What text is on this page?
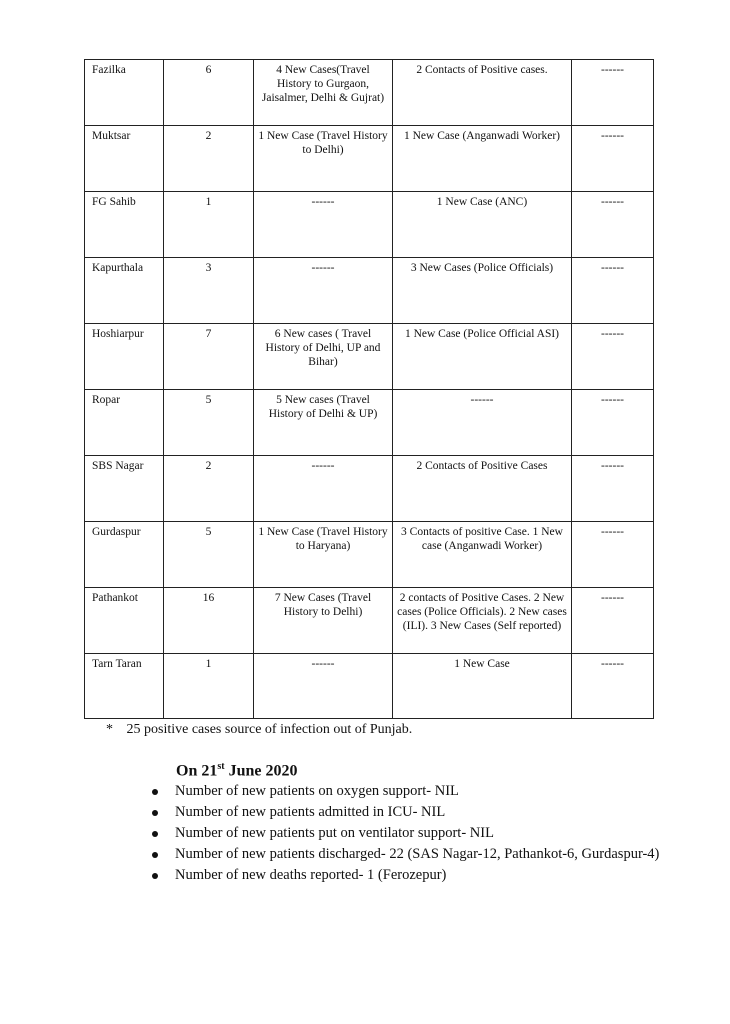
Fazilka	6	4 New Cases(Travel History to Gurgaon, Jaisalmer, Delhi & Gujrat)	2 Contacts of Positive cases.	------
Muktsar	2	1 New Case (Travel History to Delhi)	1 New Case (Anganwadi Worker)	------
FG Sahib	1	------	1 New Case (ANC)	------
Kapurthala	3	------	3 New Cases (Police Officials)	------
Hoshiarpur	7	6 New cases ( Travel History of Delhi, UP and Bihar)	1 New Case (Police Official ASI)	------
Ropar	5	5 New cases (Travel History of Delhi & UP)	------	------
SBS Nagar	2	------	2 Contacts of Positive Cases	------
Gurdaspur	5	1 New Case (Travel History to Haryana)	3 Contacts of positive Case. 1 New case (Anganwadi Worker)	------
Pathankot	16	7 New Cases (Travel History to Delhi)	2 contacts of Positive Cases. 2 New cases (Police Officials). 2 New cases (ILI). 3 New Cases (Self reported)	------
Tarn Taran	1	------	1 New Case	------
* 25 positive cases source of infection out of Punjab.
On 21st June 2020
Number of new patients on oxygen support- NIL
Number of new patients admitted in ICU- NIL
Number of new patients put on ventilator support- NIL
Number of new patients discharged- 22 (SAS Nagar-12, Pathankot-6, Gurdaspur-4)
Number of new deaths reported- 1 (Ferozepur)
